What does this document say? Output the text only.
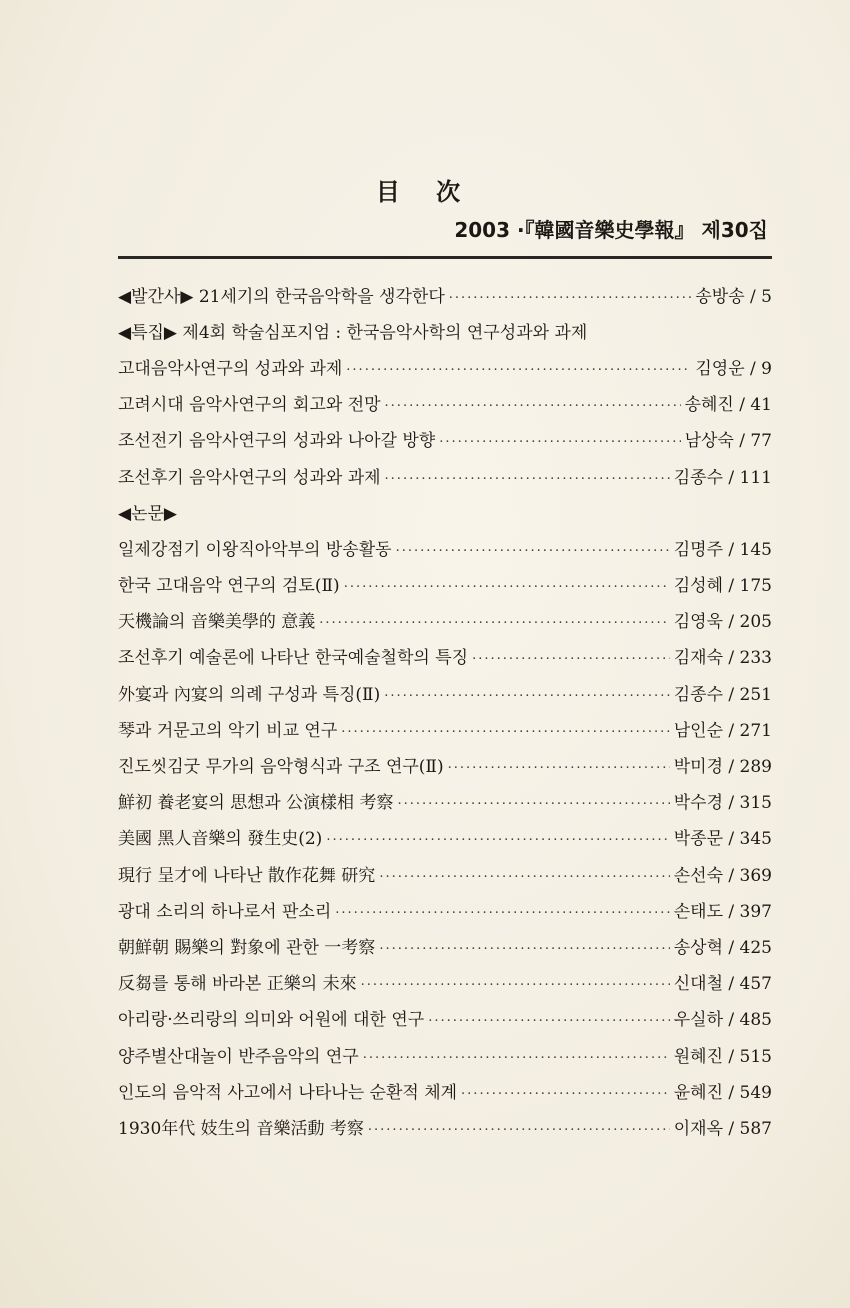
目 次
2003 ·『韓國音樂史學報』 제30집
◀발간사▶ 21세기의 한국음악학을 생각한다 .....	송방송 / 5
◀특집▶ 제4회 학술심포지엄 : 한국음악사학의 연구성과와 과제
고대음악사연구의 성과와 과제 .....	김영운 / 9
고려시대 음악사연구의 회고와 전망 .....	송혜진 / 41
조선전기 음악사연구의 성과와 나아갈 방향 .....	남상숙 / 77
조선후기 음악사연구의 성과와 과제 .....	김종수 / 111
◀논문▶
일제강점기 이왕직아악부의 방송활동 .....	김명주 / 145
한국 고대음악 연구의 검토(Ⅱ) .....	김성혜 / 175
天機論의 音樂美學的 意義 .....	김영욱 / 205
조선후기 예술론에 나타난 한국예술철학의 특징 .....	김재숙 / 233
外宴과 內宴의 의례 구성과 특징(Ⅱ) .....	김종수 / 251
琴과 거문고의 악기 비교 연구 .....	남인순 / 271
진도씻김굿 무가의 음악형식과 구조 연구(Ⅱ) .....	박미경 / 289
鮮初 養老宴의 思想과 公演樣相 考察 .....	박수경 / 315
美國 黑人音樂의 發生史(2) .....	박종문 / 345
現行 呈才에 나타난 散作花舞 研究 .....	손선숙 / 369
광대 소리의 하나로서 판소리 .....	손태도 / 397
朝鮮朝 賜樂의 對象에 관한 一考察 .....	송상혁 / 425
反芻를 통해 바라본 正樂의 未來 .....	신대철 / 457
아리랑·쓰리랑의 의미와 어원에 대한 연구 .....	우실하 / 485
양주별산대놀이 반주음악의 연구 .....	원혜진 / 515
인도의 음악적 사고에서 나타나는 순환적 체계 .....	윤혜진 / 549
1930年代 妓生의 音樂活動 考察 .....	이재옥 / 587
